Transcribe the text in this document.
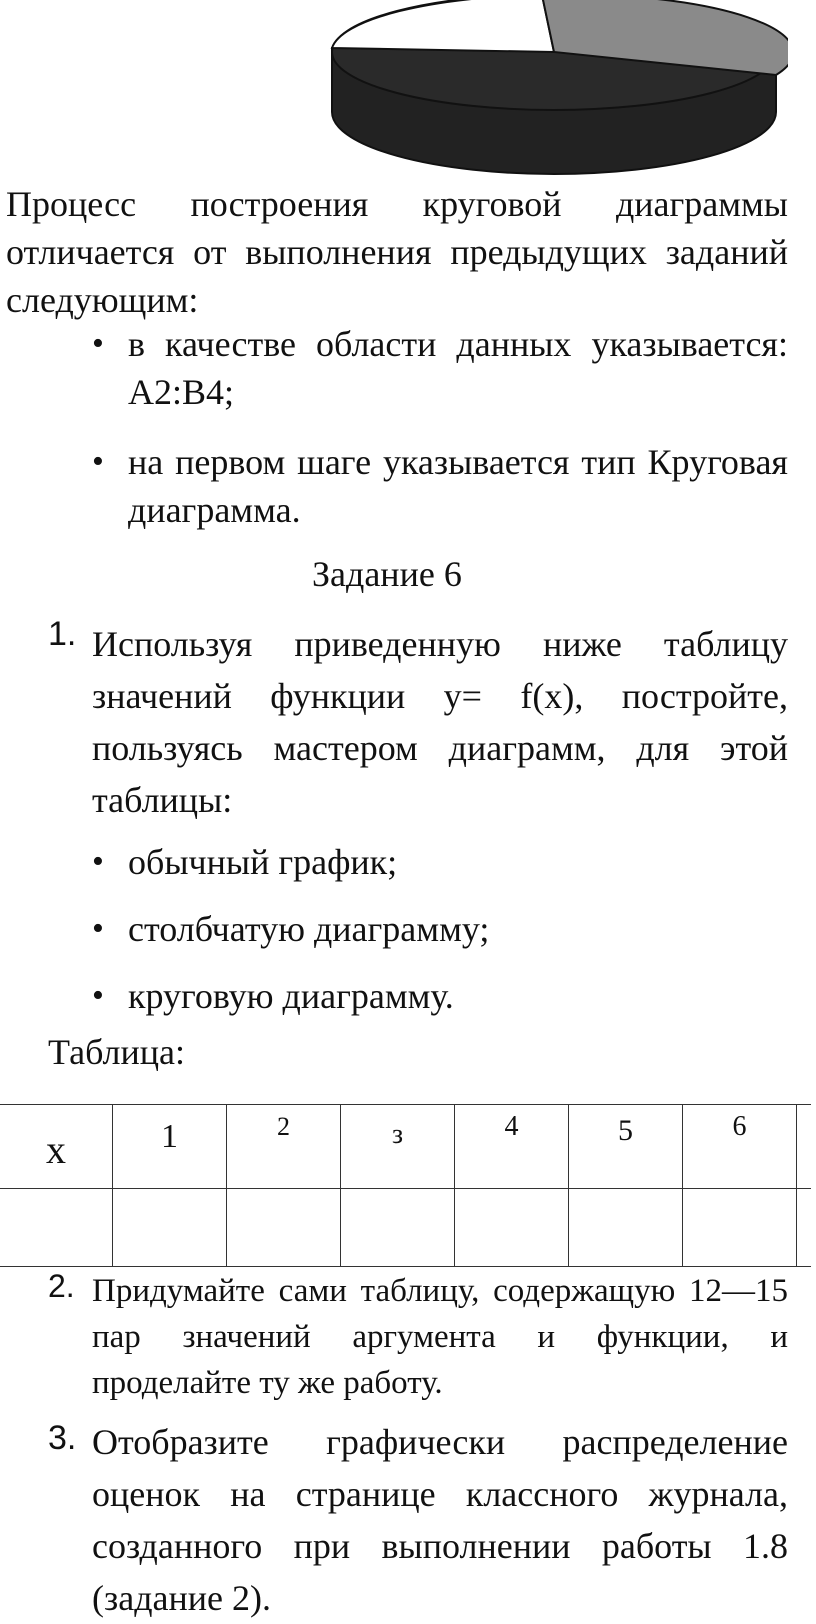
Процесс построения круговой диаграммы отличается от выполнения предыдущих заданий следующим:
• в качестве области данных указывается: А2:В4;
• на первом шаге указывается тип Круговая диаграмма.
Задание 6
1. Используя приведенную ниже таблицу значений функции y= f(x), постройте, пользуясь мастером диаграмм, для этой таблицы:
• обычный график;
• столбчатую диаграмму;
• круговую диаграмму.
Таблица:
x	1	2	з	4	5	6	

2. Придумайте сами таблицу, содержащую 12—15 пар значений аргумента и функции, и проделайте ту же работу.
3. Отобразите графически распределение оценок на странице классного журнала, созданного при выполнении работы 1.8 (задание 2).
